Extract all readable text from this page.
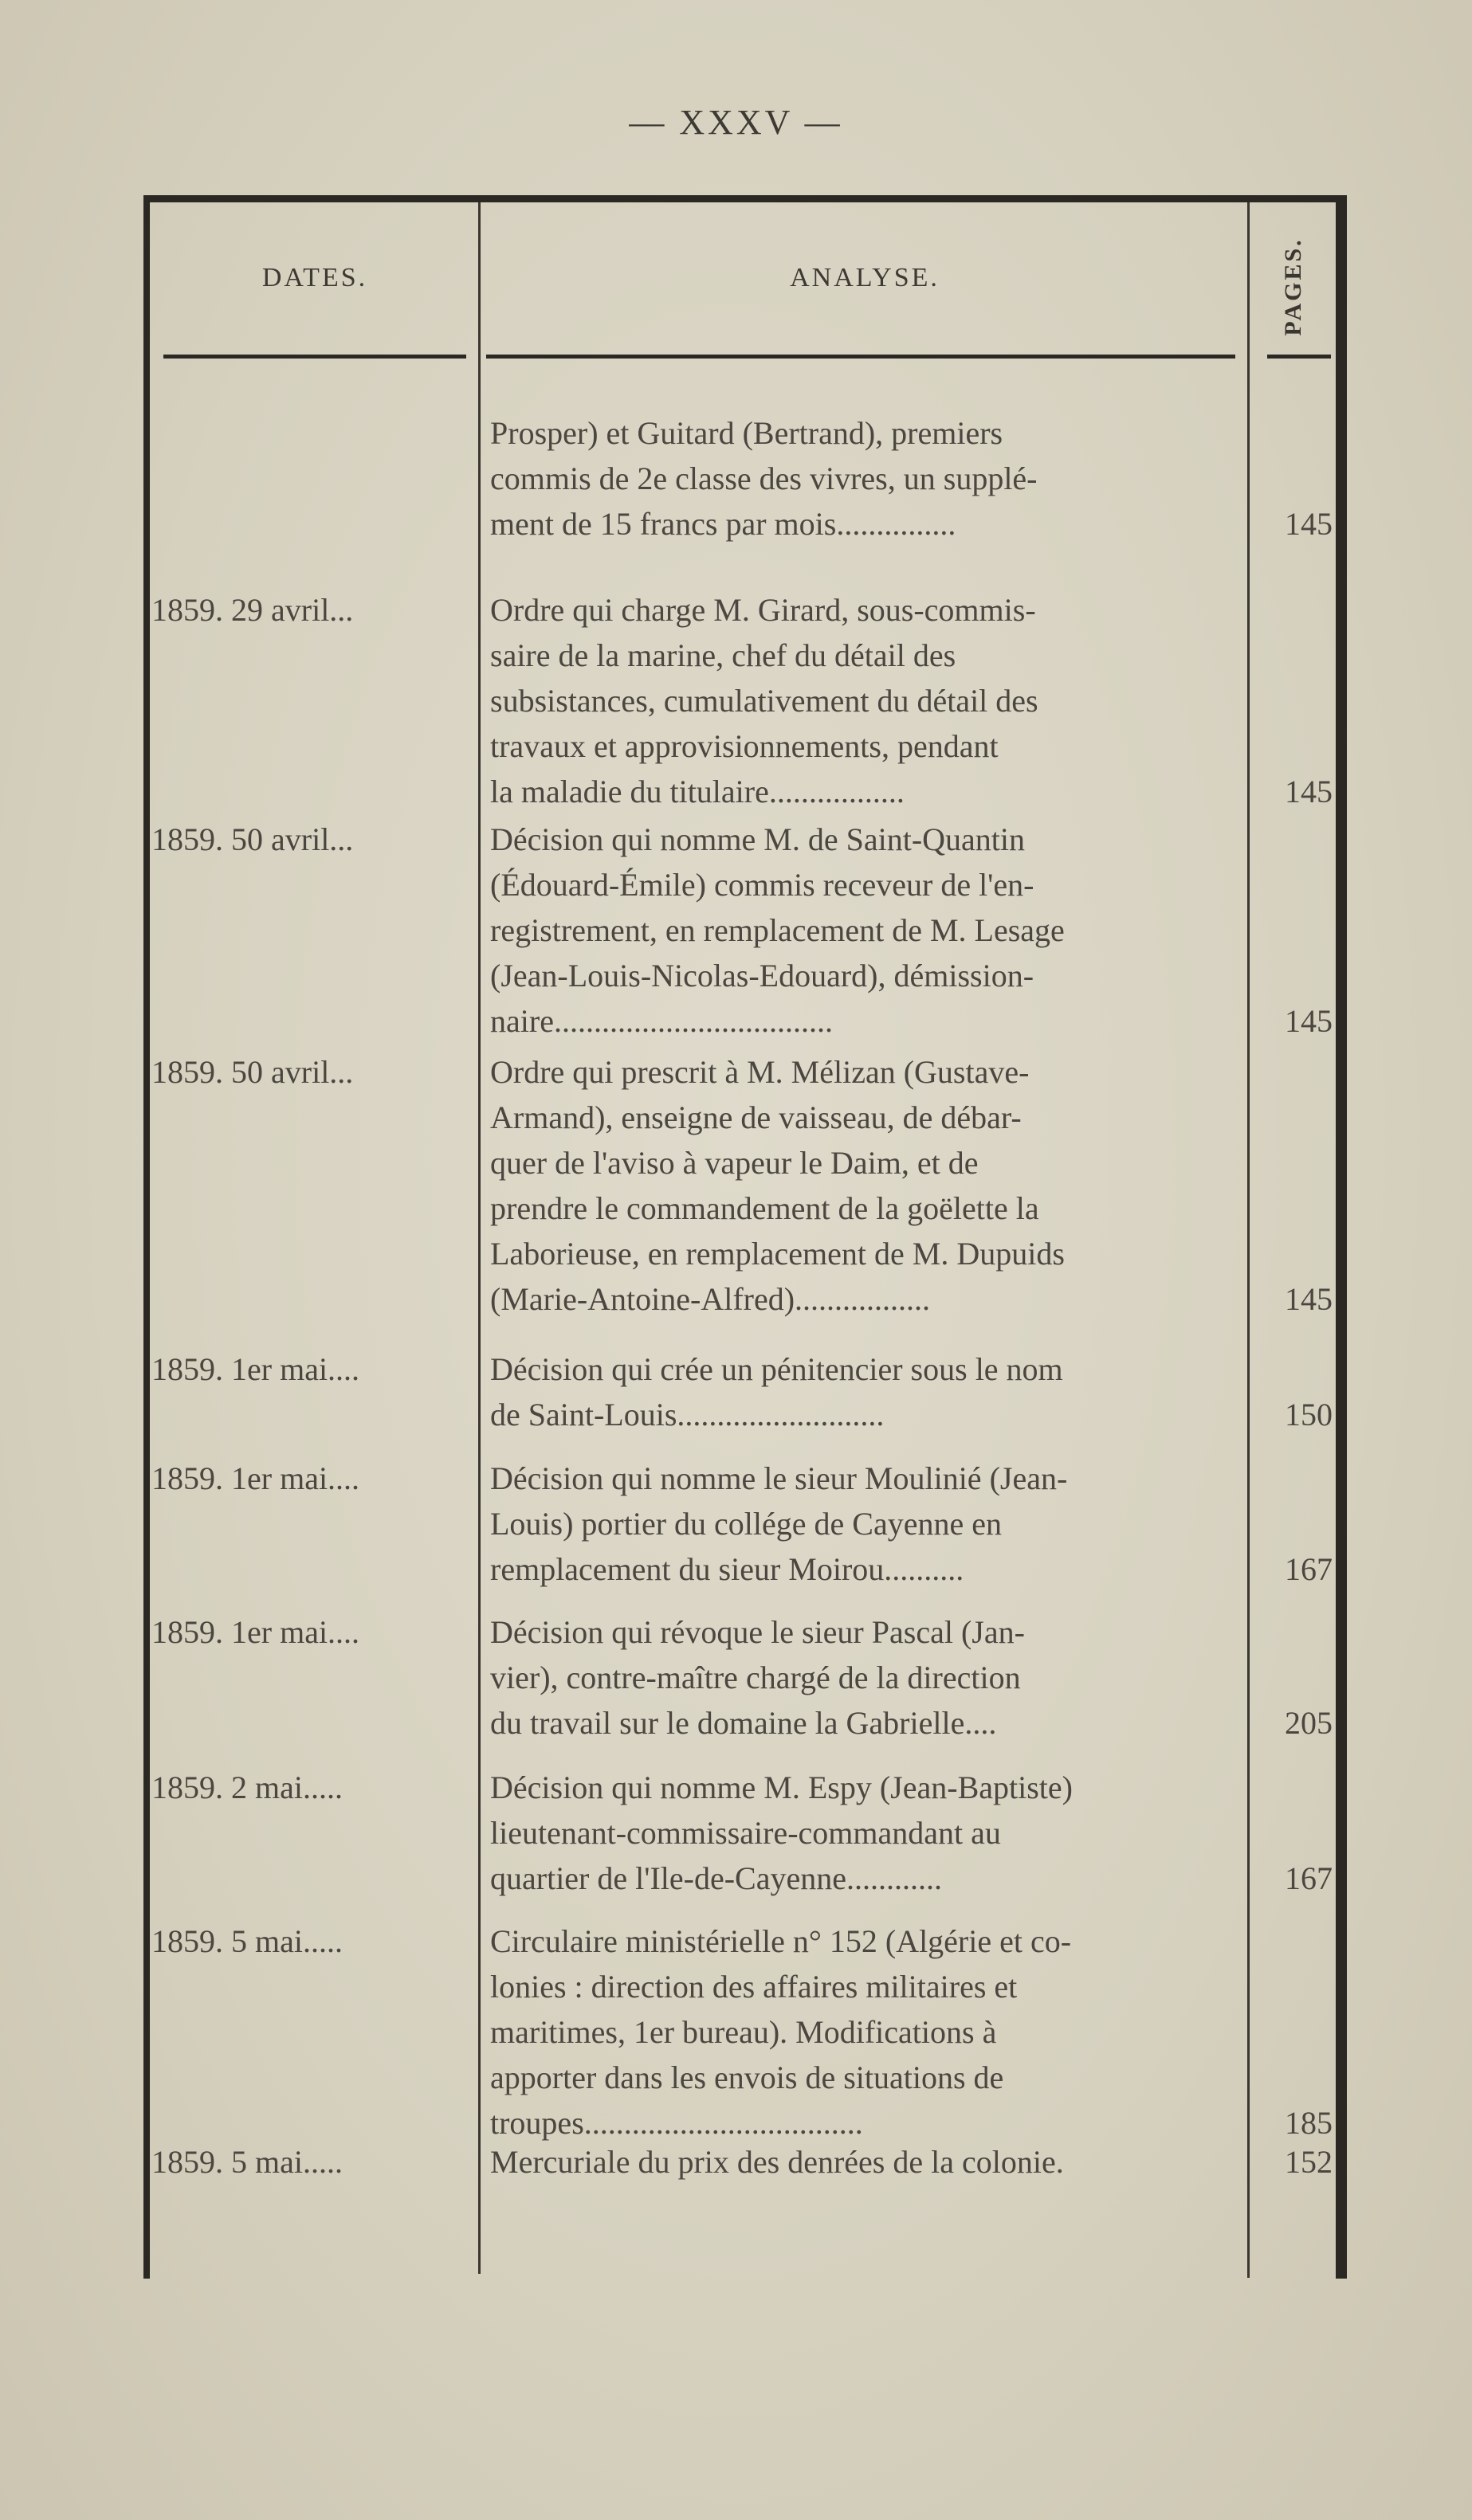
— XXXV —
DATES.	ANALYSE.	PAGES.
Prosper) et Guitard (Bertrand), premiers
commis de 2e classe des vivres, un supplé-
ment de 15 francs par mois...............	145
1859. 29 avril...	Ordre qui charge M. Girard, sous-commis-
saire de la marine, chef du détail des
subsistances, cumulativement du détail des
travaux et approvisionnements, pendant
la maladie du titulaire.................	145
1859. 50 avril...	Décision qui nomme M. de Saint-Quantin
(Édouard-Émile) commis receveur de l'en-
registrement, en remplacement de M. Lesage
(Jean-Louis-Nicolas-Edouard), démission-
naire...................................	145
1859. 50 avril...	Ordre qui prescrit à M. Mélizan (Gustave-
Armand), enseigne de vaisseau, de débar-
quer de l'aviso à vapeur le Daim, et de
prendre le commandement de la goëlette la
Laborieuse, en remplacement de M. Dupuids
(Marie-Antoine-Alfred).................	145
1859. 1er mai....	Décision qui crée un pénitencier sous le nom
de Saint-Louis..........................	150
1859. 1er mai....	Décision qui nomme le sieur Moulinié (Jean-
Louis) portier du collége de Cayenne en
remplacement du sieur Moirou..........	167
1859. 1er mai....	Décision qui révoque le sieur Pascal (Jan-
vier), contre-maître chargé de la direction
du travail sur le domaine la Gabrielle....	205
1859. 2 mai.....	Décision qui nomme M. Espy (Jean-Baptiste)
lieutenant-commissaire-commandant au
quartier de l'Ile-de-Cayenne............	167
1859. 5 mai.....	Circulaire ministérielle n° 152 (Algérie et co-
lonies : direction des affaires militaires et
maritimes, 1er bureau). Modifications à
apporter dans les envois de situations de
troupes...................................	185
1859. 5 mai.....	Mercuriale du prix des denrées de la colonie.	152
